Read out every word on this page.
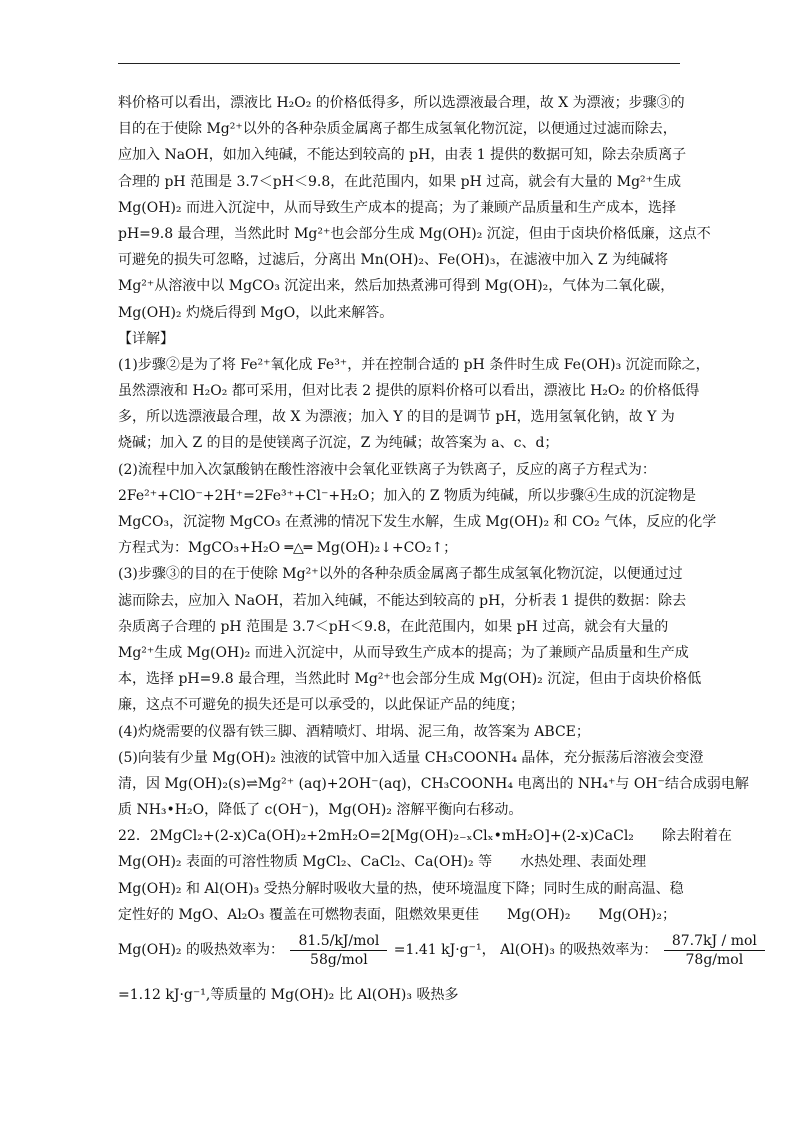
料价格可以看出，漂液比 H₂O₂ 的价格低得多，所以选漂液最合理，故 X 为漂液；步骤③的
目的在于使除 Mg²⁺以外的各种杂质金属离子都生成氢氧化物沉淀，以便通过过滤而除去，
应加入 NaOH，如加入纯碱，不能达到较高的 pH，由表 1 提供的数据可知，除去杂质离子
合理的 pH 范围是 3.7＜pH＜9.8，在此范围内，如果 pH 过高，就会有大量的 Mg²⁺生成
Mg(OH)₂ 而进入沉淀中，从而导致生产成本的提高；为了兼顾产品质量和生产成本，选择
pH=9.8 最合理，当然此时 Mg²⁺也会部分生成 Mg(OH)₂ 沉淀，但由于卤块价格低廉，这点不
可避免的损失可忽略，过滤后，分离出 Mn(OH)₂、Fe(OH)₃，在滤液中加入 Z 为纯碱将
Mg²⁺从溶液中以 MgCO₃ 沉淀出来，然后加热煮沸可得到 Mg(OH)₂，气体为二氧化碳，
Mg(OH)₂ 灼烧后得到 MgO，以此来解答。
【详解】
(1)步骤②是为了将 Fe²⁺氧化成 Fe³⁺，并在控制合适的 pH 条件时生成 Fe(OH)₃ 沉淀而除之，
虽然漂液和 H₂O₂ 都可采用，但对比表 2 提供的原料价格可以看出，漂液比 H₂O₂ 的价格低得
多，所以选漂液最合理，故 X 为漂液；加入 Y 的目的是调节 pH，选用氢氧化钠，故 Y 为
烧碱；加入 Z 的目的是使镁离子沉淀，Z 为纯碱；故答案为 a、c、d；
(2)流程中加入次氯酸钠在酸性溶液中会氧化亚铁离子为铁离子，反应的离子方程式为：
2Fe²⁺+ClO⁻+2H⁺=2Fe³⁺+Cl⁻+H₂O；加入的 Z 物质为纯碱，所以步骤④生成的沉淀物是
MgCO₃，沉淀物 MgCO₃ 在煮沸的情况下发生水解，生成 Mg(OH)₂ 和 CO₂ 气体，反应的化学
方程式为：MgCO₃+H₂O ═△═ Mg(OH)₂↓+CO₂↑；
(3)步骤③的目的在于使除 Mg²⁺以外的各种杂质金属离子都生成氢氧化物沉淀，以便通过过
滤而除去，应加入 NaOH，若加入纯碱，不能达到较高的 pH，分析表 1 提供的数据：除去
杂质离子合理的 pH 范围是 3.7＜pH＜9.8，在此范围内，如果 pH 过高，就会有大量的
Mg²⁺生成 Mg(OH)₂ 而进入沉淀中，从而导致生产成本的提高；为了兼顾产品质量和生产成
本，选择 pH=9.8 最合理，当然此时 Mg²⁺也会部分生成 Mg(OH)₂ 沉淀，但由于卤块价格低
廉，这点不可避免的损失还是可以承受的，以此保证产品的纯度；
(4)灼烧需要的仪器有铁三脚、酒精喷灯、坩埚、泥三角，故答案为 ABCE；
(5)向装有少量 Mg(OH)₂ 浊液的试管中加入适量 CH₃COONH₄ 晶体，充分振荡后溶液会变澄
清，因 Mg(OH)₂(s)⇌Mg²⁺ (aq)+2OH⁻(aq)，CH₃COONH₄ 电离出的 NH₄⁺与 OH⁻结合成弱电解
质 NH₃•H₂O，降低了 c(OH⁻)，Mg(OH)₂ 溶解平衡向右移动。
22．2MgCl₂+(2-x)Ca(OH)₂+2mH₂O=2[Mg(OH)₂₋ₓClₓ•mH₂O]+(2-x)CaCl₂　　除去附着在
Mg(OH)₂ 表面的可溶性物质 MgCl₂、CaCl₂、Ca(OH)₂ 等　　水热处理、表面处理
Mg(OH)₂ 和 Al(OH)₃ 受热分解时吸收大量的热，使环境温度下降；同时生成的耐高温、稳
定性好的 MgO、Al₂O₃ 覆盖在可燃物表面，阻燃效果更佳　　Mg(OH)₂　　Mg(OH)₂；
Mg(OH)₂ 的吸热效率为： $\frac{\text{81.5/kJ/mol}}{\text{58g/mol}} =1.41$ kJ·g⁻¹， Al(OH)₃ 的吸热效率为： $\frac{\text{87.7kJ / mol}}{\text{78g/mol}}$
=1.12 kJ·g⁻¹,等质量的 Mg(OH)₂ 比 Al(OH)₃ 吸热多
